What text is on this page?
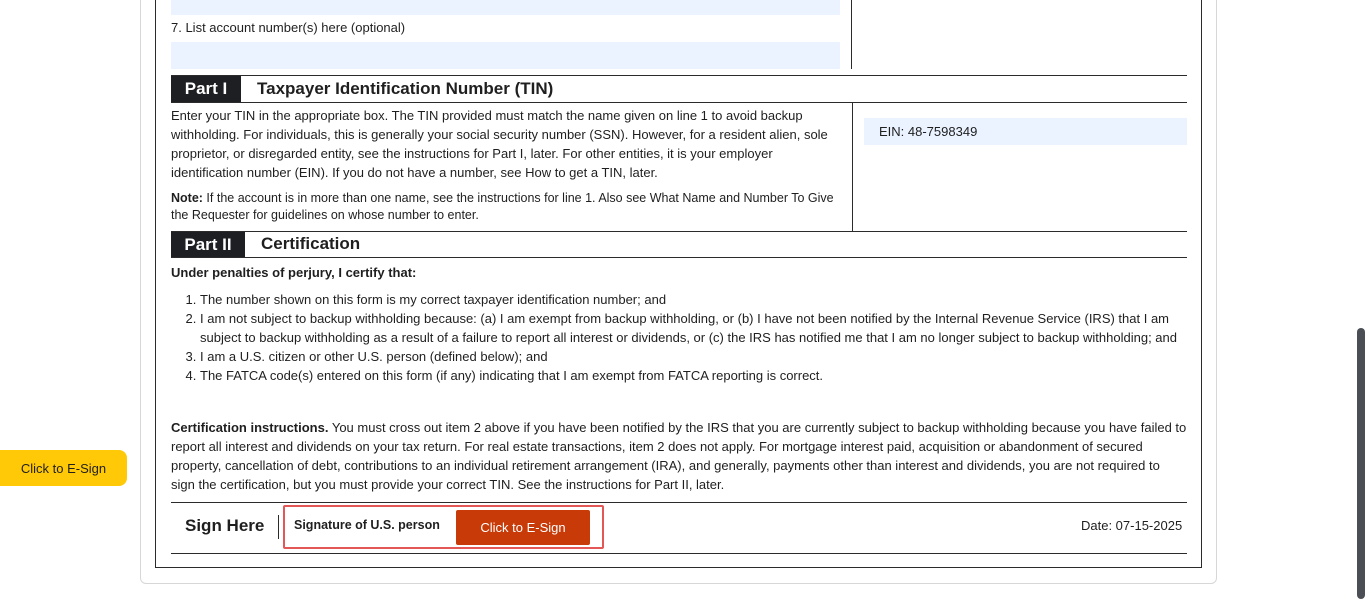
7. List account number(s) here (optional)
Part I	Taxpayer Identification Number (TIN)
Enter your TIN in the appropriate box. The TIN provided must match the name given on line 1 to avoid backup withholding. For individuals, this is generally your social security number (SSN). However, for a resident alien, sole proprietor, or disregarded entity, see the instructions for Part I, later. For other entities, it is your employer identification number (EIN). If you do not have a number, see How to get a TIN, later.
Note: If the account is in more than one name, see the instructions for line 1. Also see What Name and Number To Give the Requester for guidelines on whose number to enter.
EIN: 48-7598349
Part II	Certification
Under penalties of perjury, I certify that:
1. The number shown on this form is my correct taxpayer identification number; and
2. I am not subject to backup withholding because: (a) I am exempt from backup withholding, or (b) I have not been notified by the Internal Revenue Service (IRS) that I am subject to backup withholding as a result of a failure to report all interest or dividends, or (c) the IRS has notified me that I am no longer subject to backup withholding; and
3. I am a U.S. citizen or other U.S. person (defined below); and
4. The FATCA code(s) entered on this form (if any) indicating that I am exempt from FATCA reporting is correct.
Certification instructions. You must cross out item 2 above if you have been notified by the IRS that you are currently subject to backup withholding because you have failed to report all interest and dividends on your tax return. For real estate transactions, item 2 does not apply. For mortgage interest paid, acquisition or abandonment of secured property, cancellation of debt, contributions to an individual retirement arrangement (IRA), and generally, payments other than interest and dividends, you are not required to sign the certification, but you must provide your correct TIN. See the instructions for Part II, later.
Sign Here Signature of U.S. person	Click to E-Sign	Date: 07-15-2025
Click to E-Sign
